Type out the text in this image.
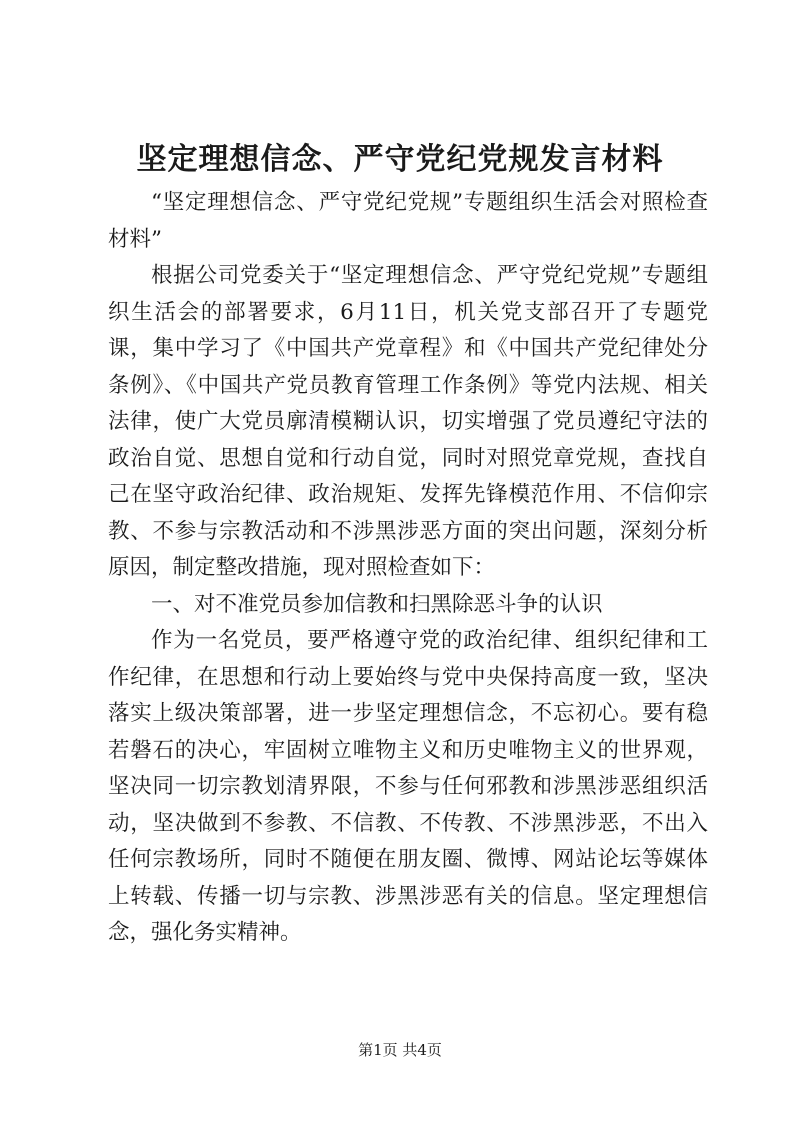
坚定理想信念、严守党纪党规发言材料

“坚定理想信念、严守党纪党规”专题组织生活会对照检查材料”

根据公司党委关于“坚定理想信念、严守党纪党规”专题组织生活会的部署要求，6月11日，机关党支部召开了专题党课，集中学习了《中国共产党章程》和《中国共产党纪律处分条例》、《中国共产党员教育管理工作条例》等党内法规、相关法律，使广大党员廓清模糊认识，切实增强了党员遵纪守法的政治自觉、思想自觉和行动自觉，同时对照党章党规，查找自己在坚守政治纪律、政治规矩、发挥先锋模范作用、不信仰宗教、不参与宗教活动和不涉黑涉恶方面的突出问题，深刻分析原因，制定整改措施，现对照检查如下：

一、对不准党员参加信教和扫黑除恶斗争的认识

作为一名党员，要严格遵守党的政治纪律、组织纪律和工作纪律，在思想和行动上要始终与党中央保持高度一致，坚决落实上级决策部署，进一步坚定理想信念，不忘初心。要有稳若磐石的决心，牢固树立唯物主义和历史唯物主义的世界观，坚决同一切宗教划清界限，不参与任何邪教和涉黑涉恶组织活动，坚决做到不参教、不信教、不传教、不涉黑涉恶，不出入任何宗教场所，同时不随便在朋友圈、微博、网站论坛等媒体上转载、传播一切与宗教、涉黑涉恶有关的信息。坚定理想信念，强化务实精神。

第1页 共4页
